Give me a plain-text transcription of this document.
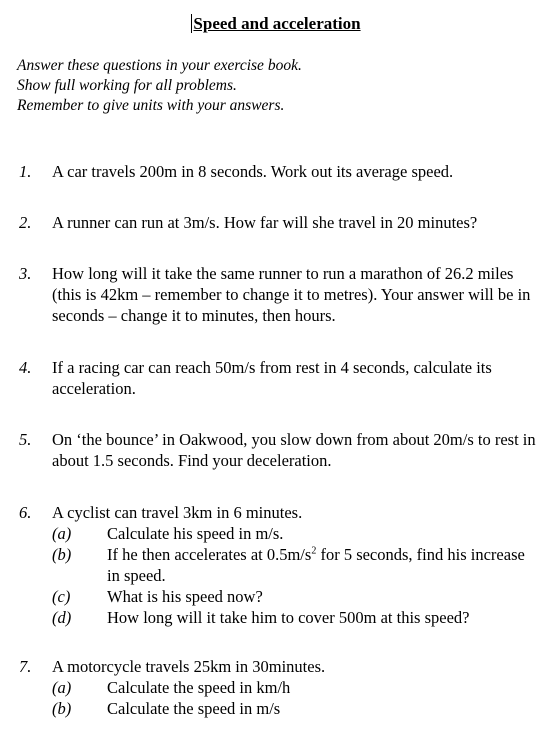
Speed and acceleration
Answer these questions in your exercise book.
Show full working for all problems.
Remember to give units with your answers.
1. A car travels 200m in 8 seconds. Work out its average speed.
2. A runner can run at 3m/s. How far will she travel in 20 minutes?
3. How long will it take the same runner to run a marathon of 26.2 miles (this is 42km – remember to change it to metres). Your answer will be in seconds – change it to minutes, then hours.
4. If a racing car can reach 50m/s from rest in 4 seconds, calculate its acceleration.
5. On ‘the bounce’ in Oakwood, you slow down from about 20m/s to rest in about 1.5 seconds. Find your deceleration.
6. A cyclist can travel 3km in 6 minutes.
(a) Calculate his speed in m/s.
(b) If he then accelerates at $0.5m/s^2$ for 5 seconds, find his increase in speed.
(c) What is his speed now?
(d) How long will it take him to cover 500m at this speed?
7. A motorcycle travels 25km in 30minutes.
(a) Calculate the speed in km/h
(b) Calculate the speed in m/s
